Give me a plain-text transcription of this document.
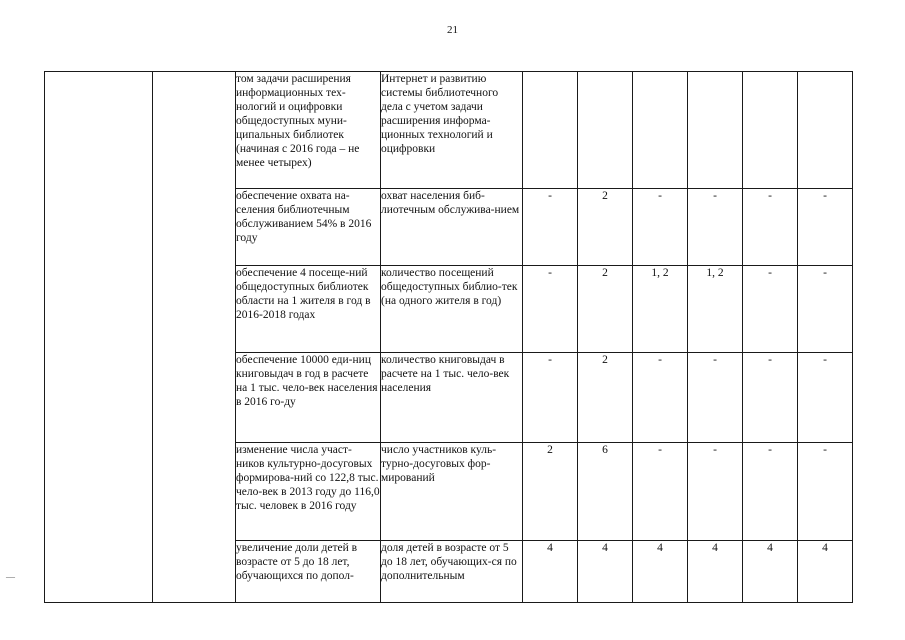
21
		том задачи расширения информационных тех-нологий и оцифровки общедоступных муни-ципальных библиотек (начиная с 2016 года – не менее четырех)	Интернет и развитию системы библиотечного дела с учетом задачи расширения информа-ционных технологий и оцифровки						
		обеспечение охвата на-селения библиотечным обслуживанием 54% в 2016 году	охват населения биб-лиотечным обслужива-нием	-	2	-	-	-	-
		обеспечение 4 посеще-ний общедоступных библиотек области на 1 жителя в год в 2016-2018 годах	количество посещений общедоступных библио-тек (на одного жителя в год)	-	2	1, 2	1, 2	-	-
		обеспечение 10000 еди-ниц книговыдач в год в расчете на 1 тыс. чело-век населения в 2016 го-ду	количество книговыдач в расчете на 1 тыс. чело-век населения	-	2	-	-	-	-
		изменение числа участ-ников культурно-досуговых формирова-ний со 122,8 тыс. чело-век в 2013 году до 116,0 тыс. человек в 2016 году	число участников куль-турно-досуговых фор-мирований	2	6	-	-	-	-
		увеличение доли детей в возрасте от 5 до 18 лет, обучающихся по допол-	доля детей в возрасте от 5 до 18 лет, обучающих-ся по дополнительным	4	4	4	4	4	4
—
